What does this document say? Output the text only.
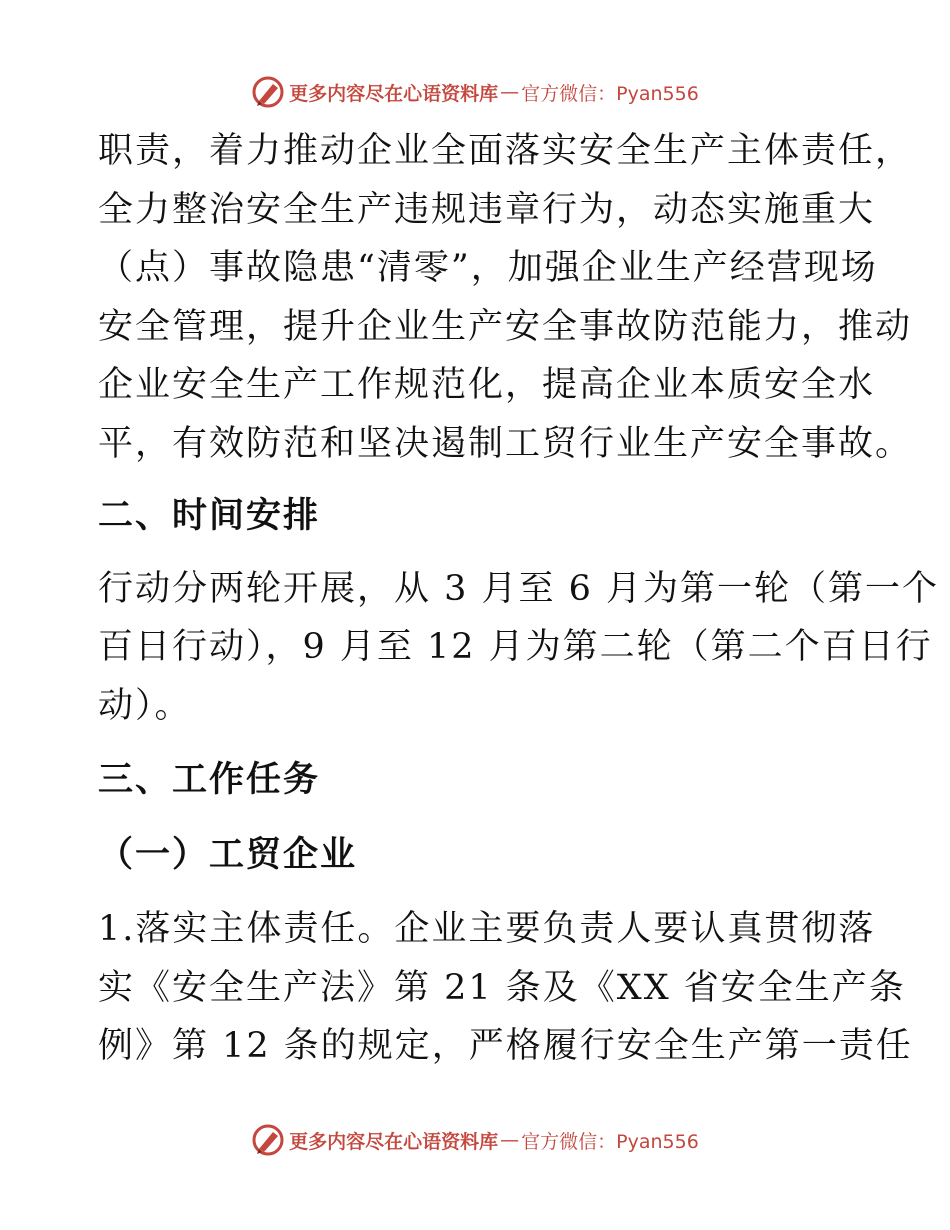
更多内容尽在心语资料库 — 官方微信：Pyan556

职责，着力推动企业全面落实安全生产主体责任，

全力整治安全生产违规违章行为，动态实施重大

（点）事故隐患“清零”，加强企业生产经营现场

安全管理，提升企业生产安全事故防范能力，推动

企业安全生产工作规范化，提高企业本质安全水

平，有效防范和坚决遏制工贸行业生产安全事故。

二、时间安排

行动分两轮开展，从 3 月至 6 月为第一轮（第一个

百日行动），9 月至 12 月为第二轮（第二个百日行

动）。

三、工作任务
（一）工贸企业

1.落实主体责任。企业主要负责人要认真贯彻落

实《安全生产法》第 21 条及《XX 省安全生产条

例》第 12 条的规定，严格履行安全生产第一责任

更多内容尽在心语资料库 — 官方微信：Pyan556
